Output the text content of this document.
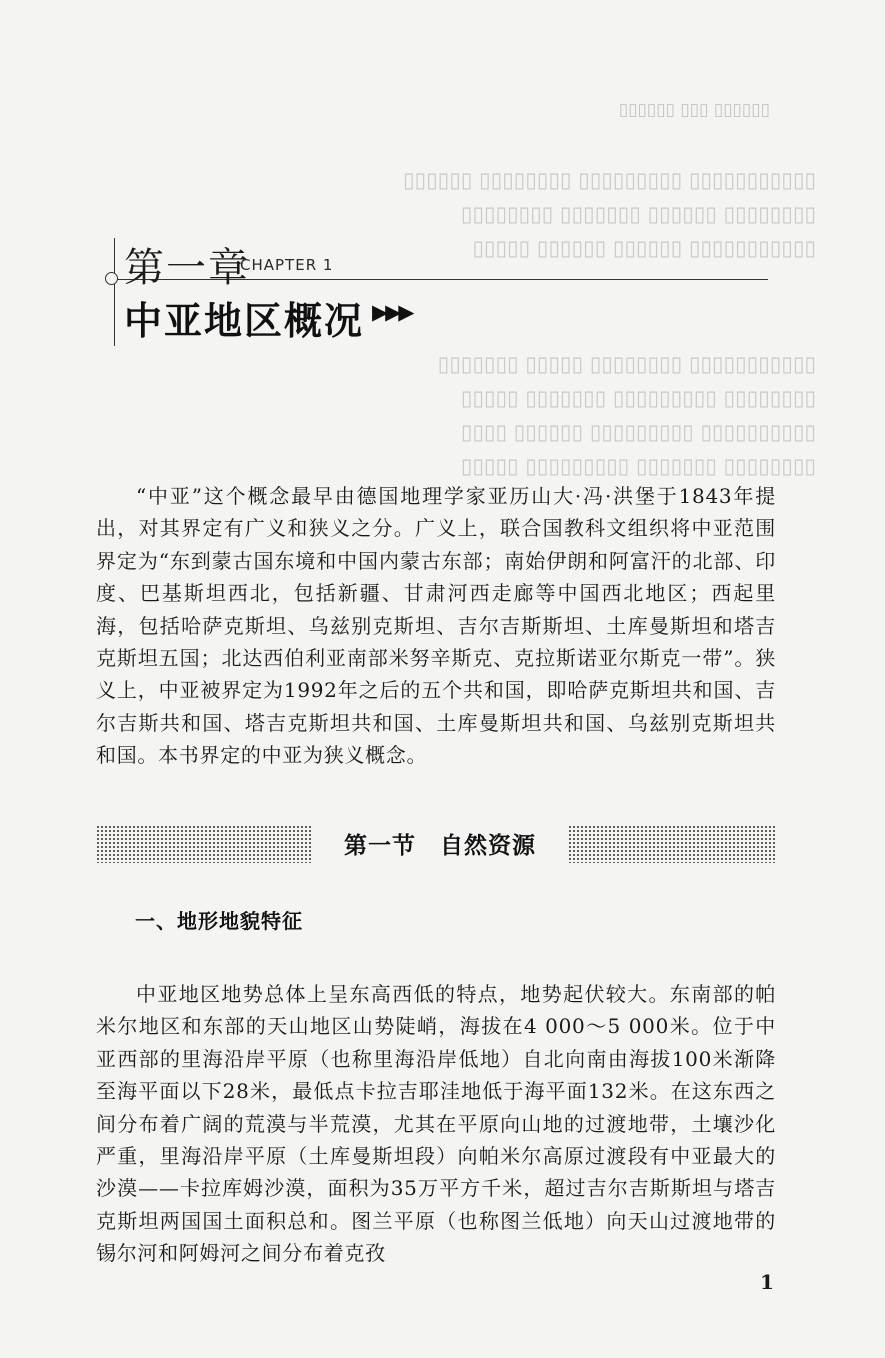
▯▯▯▯▯▯ ▯▯▯ ▯▯▯▯▯▯
▯▯▯▯▯▯▯▯▯▯▯ ▯▯▯▯▯▯▯▯▯ ▯▯▯▯▯▯▯▯ ▯▯▯▯▯▯
▯▯▯▯▯▯▯▯ ▯▯▯▯▯▯ ▯▯▯▯▯▯▯ ▯▯▯▯▯▯▯▯
▯▯▯▯▯▯▯▯▯▯▯ ▯▯▯▯▯▯ ▯▯▯▯▯▯ ▯▯▯▯▯
▯▯▯▯▯▯▯▯▯▯▯ ▯▯▯▯▯▯▯▯ ▯▯▯▯▯ ▯▯▯▯▯▯▯
▯▯▯▯▯▯▯▯ ▯▯▯▯▯▯▯▯▯ ▯▯▯▯▯▯▯ ▯▯▯▯▯
▯▯▯▯▯▯▯▯▯▯ ▯▯▯▯▯▯▯▯▯ ▯▯▯▯▯▯ ▯▯▯▯
▯▯▯▯▯▯▯▯ ▯▯▯▯▯▯▯ ▯▯▯▯▯▯▯▯▯ ▯▯▯▯▯
第一章
CHAPTER 1
中亚地区概况 ▶▶▶

“中亚”这个概念最早由德国地理学家亚历山大·冯·洪堡于1843年提出，对其界定有广义和狭义之分。广义上，联合国教科文组织将中亚范围界定为“东到蒙古国东境和中国内蒙古东部；南始伊朗和阿富汗的北部、印度、巴基斯坦西北，包括新疆、甘肃河西走廊等中国西北地区；西起里海，包括哈萨克斯坦、乌兹别克斯坦、吉尔吉斯斯坦、土库曼斯坦和塔吉克斯坦五国；北达西伯利亚南部米努辛斯克、克拉斯诺亚尔斯克一带”。狭义上，中亚被界定为1992年之后的五个共和国，即哈萨克斯坦共和国、吉尔吉斯共和国、塔吉克斯坦共和国、土库曼斯坦共和国、乌兹别克斯坦共和国。本书界定的中亚为狭义概念。

第一节　自然资源
一、地形地貌特征

中亚地区地势总体上呈东高西低的特点，地势起伏较大。东南部的帕米尔地区和东部的天山地区山势陡峭，海拔在4 000～5 000米。位于中亚西部的里海沿岸平原（也称里海沿岸低地）自北向南由海拔100米渐降至海平面以下28米，最低点卡拉吉耶洼地低于海平面132米。在这东西之间分布着广阔的荒漠与半荒漠，尤其在平原向山地的过渡地带，土壤沙化严重，里海沿岸平原（土库曼斯坦段）向帕米尔高原过渡段有中亚最大的沙漠——卡拉库姆沙漠，面积为35万平方千米，超过吉尔吉斯斯坦与塔吉克斯坦两国国土面积总和。图兰平原（也称图兰低地）向天山过渡地带的锡尔河和阿姆河之间分布着克孜

1
